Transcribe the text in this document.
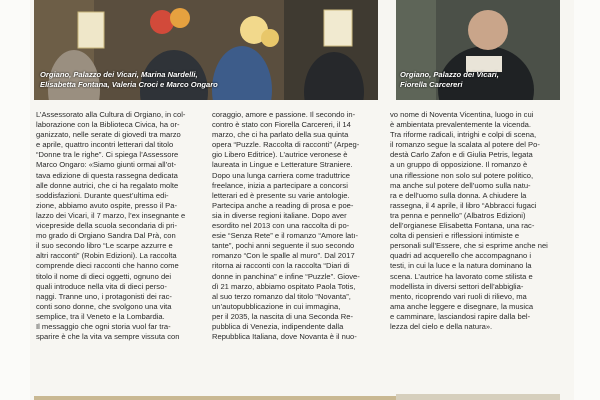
Orgiano, Palazzo dei Vicari, Marina Nardelli,
Elisabetta Fontana, Valeria Croci e Marco Ongaro
Orgiano, Palazzo dei Vicari,
Fiorella Carcereri

L’Assessorato alla Cultura di Orgiano, in col-

laborazione con la Biblioteca Civica, ha or-

ganizzato, nelle serate di giovedì tra marzo

e aprile, quattro incontri letterari dal titolo

“Donne tra le righe”. Ci spiega l’Assessore

Marco Ongaro: «Siamo giunti ormai all’ot-

tava edizione di questa rassegna dedicata

alle donne autrici, che ci ha regalato molte

soddisfazioni. Durante quest’ultima edi-

zione, abbiamo avuto ospite, presso il Pa-

lazzo dei Vicari, il 7 marzo, l’ex insegnante e

vicepreside della scuola secondaria di pri-

mo grado di Orgiano Sandra Dal Prà, con

il suo secondo libro “Le scarpe azzurre e

altri racconti” (Robin Edizioni). La raccolta

comprende dieci racconti che hanno come

titolo il nome di dieci oggetti, ognuno dei

quali introduce nella vita di dieci perso-

naggi. Tranne uno, i protagonisti dei rac-

conti sono donne, che svolgono una vita

semplice, tra il Veneto e la Lombardia.

Il messaggio che ogni storia vuol far tra-

sparire è che la vita va sempre vissuta con

coraggio, amore e passione. Il secondo in-

contro è stato con Fiorella Carcereri, il 14

marzo, che ci ha parlato della sua quinta

opera “Puzzle. Raccolta di racconti” (Arpeg-

gio Libero Editrice). L’autrice veronese è

laureata in Lingue e Letterature Straniere.

Dopo una lunga carriera come traduttrice

freelance, inizia a partecipare a concorsi

letterari ed è presente su varie antologie.

Partecipa anche a reading di prosa e poe-

sia in diverse regioni italiane. Dopo aver

esordito nel 2013 con una raccolta di po-

esie “Senza Rete” e il romanzo “Amore latı-

tante”, pochi anni seguente il suo secondo

romanzo “Con le spalle al muro”. Dal 2017

ritorna ai racconti con la raccolta “Diari di

donne in panchina” e infine “Puzzle”. Giove-

dì 21 marzo, abbiamo ospitato Paola Totis,

al suo terzo romanzo dal titolo “Novanta”,

un’autopubblicazione in cui immagina,

per il 2035, la nascita di una Seconda Re-

pubblica di Venezia, indipendente dalla

Repubblica Italiana, dove Novanta è il nuo-

vo nome di Noventa Vicentina, luogo in cui

è ambientata prevalentemente la vicenda.

Tra riforme radicali, intrighi e colpi di scena,

il romanzo segue la scalata al potere del Po-

destà Carlo Zafon e di Giulia Petris, legata

a un gruppo di opposizione. Il romanzo è

una riflessione non solo sul potere politico,

ma anche sul potere dell’uomo sulla natu-

ra e dell’uomo sulla donna. A chiudere la

rassegna, il 4 aprile, il libro “Abbracci fugaci

tra penna e pennello” (Albatros Edizioni)

dell’orgianese Elisabetta Fontana, una rac-

colta di pensieri e riflessioni intimiste e

personali sull’Essere, che si esprime anche nei

quadri ad acquerello che accompagnano i

testi, in cui la luce e la natura dominano la

scena. L’autrice ha lavorato come stilista e

modellista in diversi settori dell’abbiglia-

mento, ricoprendo vari ruoli di rilievo, ma

ama anche leggere e disegnare, la musica

e camminare, lasciandosi rapire dalla bel-

lezza del cielo e della natura».
